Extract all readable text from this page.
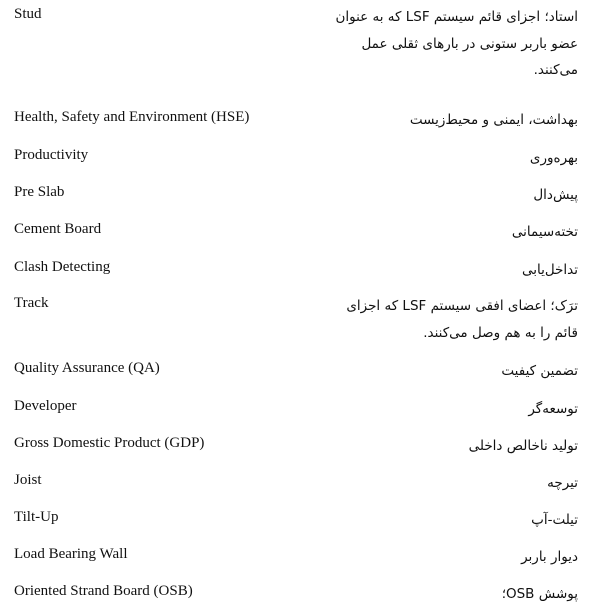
Stud	استاد؛ اجزای قائم سیستم LSF که به عنوان
عضو باربر ستونی در بارهای ثقلی عمل
می‌کنند.
Health, Safety and Environment (HSE)	بهداشت، ایمنی و محیط‌زیست
Productivity	بهره‌وری
Pre Slab	پیش‌دال
Cement Board	تخته‌سیمانی
Clash Detecting	تداخل‌یابی
Track	ترَک؛ اعضای افقی سیستم LSF که اجزای
قائم را به هم وصل می‌کنند.
Quality Assurance (QA)	تضمین کیفیت
Developer	توسعه‌گر
Gross Domestic Product (GDP)	تولید ناخالص داخلی
Joist	تیرچه
Tilt-Up	تیلت-آپ
Load Bearing Wall	دیوار باربر
Oriented Strand Board (OSB)	پوشش OSB؛
